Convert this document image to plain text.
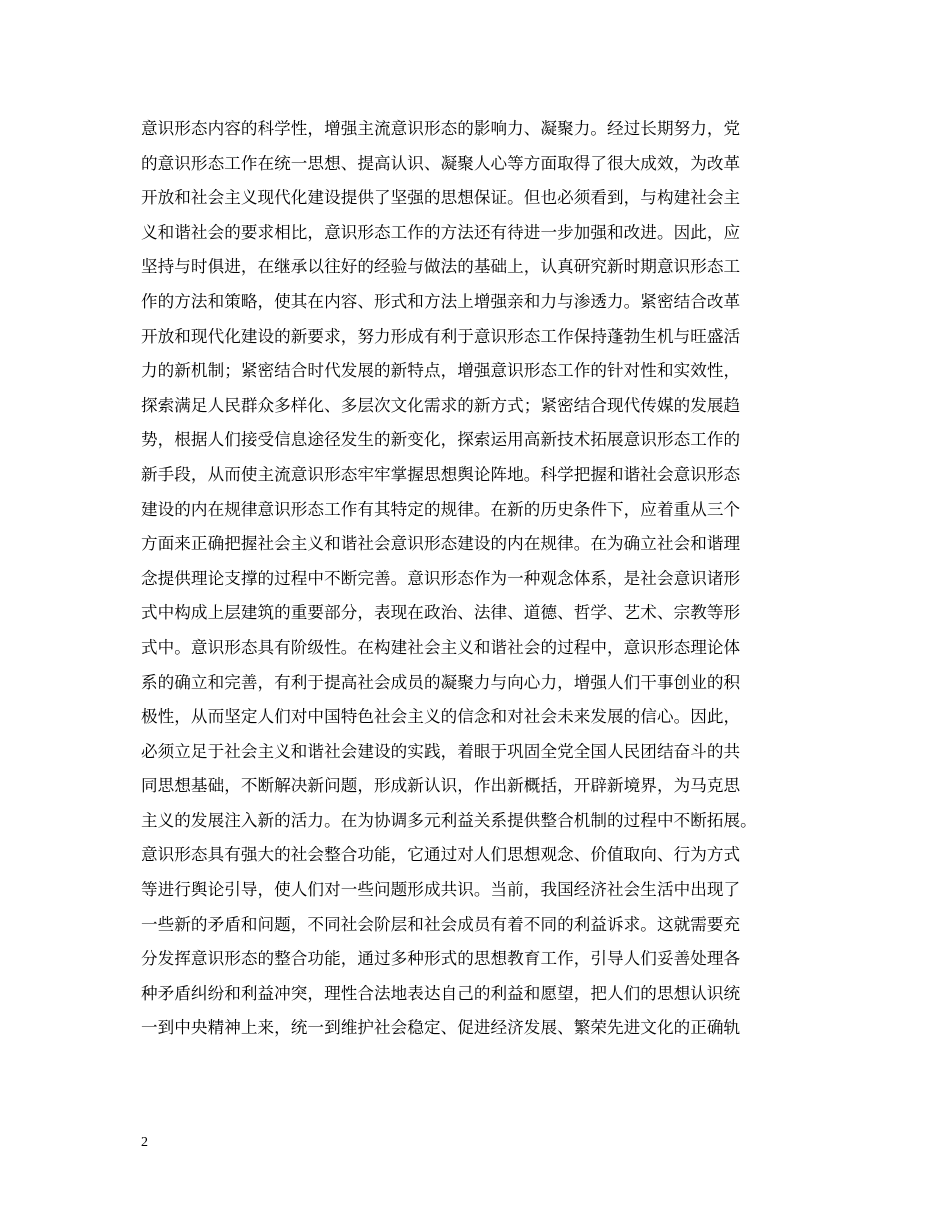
意识形态内容的科学性，增强主流意识形态的影响力、凝聚力。经过长期努力，党
的意识形态工作在统一思想、提高认识、凝聚人心等方面取得了很大成效，为改革
开放和社会主义现代化建设提供了坚强的思想保证。但也必须看到，与构建社会主
义和谐社会的要求相比，意识形态工作的方法还有待进一步加强和改进。因此，应
坚持与时俱进，在继承以往好的经验与做法的基础上，认真研究新时期意识形态工
作的方法和策略，使其在内容、形式和方法上增强亲和力与渗透力。紧密结合改革
开放和现代化建设的新要求，努力形成有利于意识形态工作保持蓬勃生机与旺盛活
力的新机制；紧密结合时代发展的新特点，增强意识形态工作的针对性和实效性，
探索满足人民群众多样化、多层次文化需求的新方式；紧密结合现代传媒的发展趋
势，根据人们接受信息途径发生的新变化，探索运用高新技术拓展意识形态工作的
新手段，从而使主流意识形态牢牢掌握思想舆论阵地。科学把握和谐社会意识形态
建设的内在规律意识形态工作有其特定的规律。在新的历史条件下，应着重从三个
方面来正确把握社会主义和谐社会意识形态建设的内在规律。在为确立社会和谐理
念提供理论支撑的过程中不断完善。意识形态作为一种观念体系，是社会意识诸形
式中构成上层建筑的重要部分，表现在政治、法律、道德、哲学、艺术、宗教等形
式中。意识形态具有阶级性。在构建社会主义和谐社会的过程中，意识形态理论体
系的确立和完善，有利于提高社会成员的凝聚力与向心力，增强人们干事创业的积
极性，从而坚定人们对中国特色社会主义的信念和对社会未来发展的信心。因此，
必须立足于社会主义和谐社会建设的实践，着眼于巩固全党全国人民团结奋斗的共
同思想基础，不断解决新问题，形成新认识，作出新概括，开辟新境界，为马克思
主义的发展注入新的活力。在为协调多元利益关系提供整合机制的过程中不断拓展。
意识形态具有强大的社会整合功能，它通过对人们思想观念、价值取向、行为方式
等进行舆论引导，使人们对一些问题形成共识。当前，我国经济社会生活中出现了
一些新的矛盾和问题，不同社会阶层和社会成员有着不同的利益诉求。这就需要充
分发挥意识形态的整合功能，通过多种形式的思想教育工作，引导人们妥善处理各
种矛盾纠纷和利益冲突，理性合法地表达自己的利益和愿望，把人们的思想认识统
一到中央精神上来，统一到维护社会稳定、促进经济发展、繁荣先进文化的正确轨
2
